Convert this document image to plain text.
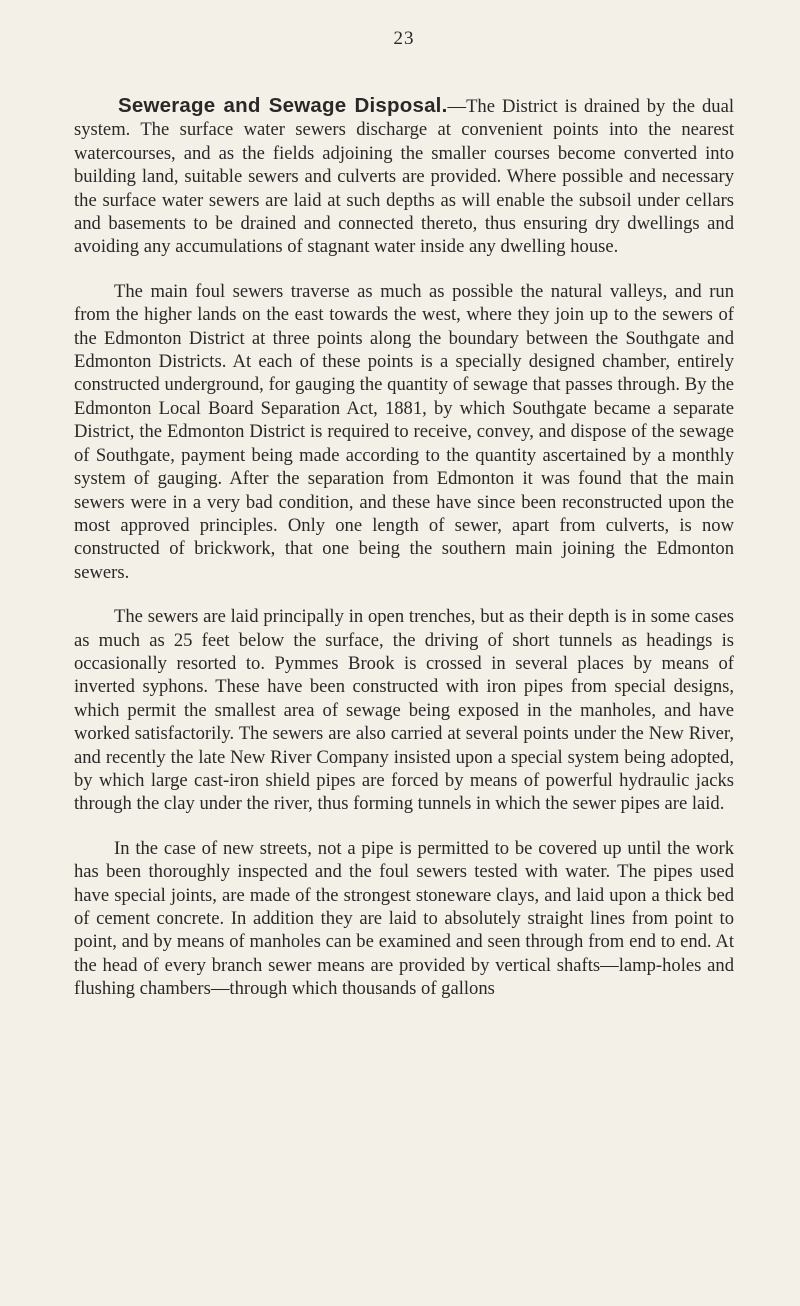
23

Sewerage and Sewage Disposal.—The District is drained by the dual system. The surface water sewers discharge at convenient points into the nearest watercourses, and as the fields adjoining the smaller courses become converted into building land, suitable sewers and culverts are provided. Where possible and necessary the surface water sewers are laid at such depths as will enable the subsoil under cellars and basements to be drained and connected thereto, thus ensuring dry dwellings and avoiding any accumulations of stagnant water inside any dwelling house.

The main foul sewers traverse as much as possible the natural valleys, and run from the higher lands on the east towards the west, where they join up to the sewers of the Edmonton District at three points along the boundary between the Southgate and Edmonton Districts. At each of these points is a specially designed chamber, entirely constructed underground, for gauging the quantity of sewage that passes through. By the Edmonton Local Board Separation Act, 1881, by which Southgate became a separate District, the Edmonton District is required to receive, convey, and dispose of the sewage of Southgate, payment being made according to the quantity ascertained by a monthly system of gauging. After the separation from Edmonton it was found that the main sewers were in a very bad condition, and these have since been reconstructed upon the most approved principles. Only one length of sewer, apart from culverts, is now constructed of brickwork, that one being the southern main joining the Edmonton sewers.

The sewers are laid principally in open trenches, but as their depth is in some cases as much as 25 feet below the surface, the driving of short tunnels as headings is occasionally resorted to. Pymmes Brook is crossed in several places by means of inverted syphons. These have been constructed with iron pipes from special designs, which permit the smallest area of sewage being exposed in the manholes, and have worked satisfactorily. The sewers are also carried at several points under the New River, and recently the late New River Company insisted upon a special system being adopted, by which large cast-iron shield pipes are forced by means of powerful hydraulic jacks through the clay under the river, thus forming tunnels in which the sewer pipes are laid.

In the case of new streets, not a pipe is permitted to be covered up until the work has been thoroughly inspected and the foul sewers tested with water. The pipes used have special joints, are made of the strongest stoneware clays, and laid upon a thick bed of cement concrete. In addition they are laid to absolutely straight lines from point to point, and by means of manholes can be examined and seen through from end to end. At the head of every branch sewer means are provided by vertical shafts—lamp-holes and flushing chambers—through which thousands of gallons
